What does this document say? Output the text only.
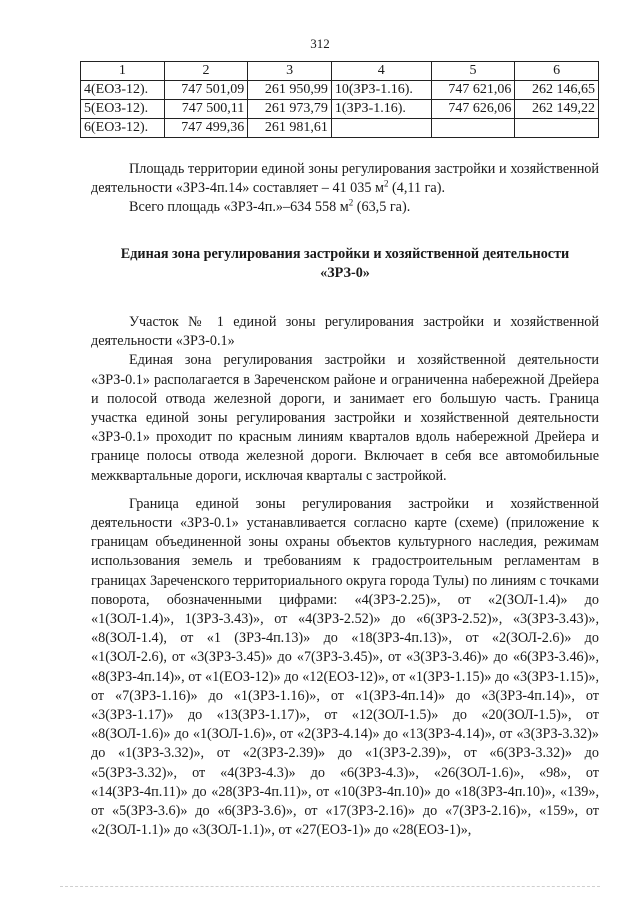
312
1	2	3	4	5	6
4(ЕОЗ-12).	747 501,09	261 950,99	10(ЗРЗ-1.16).	747 621,06	262 146,65
5(ЕОЗ-12).	747 500,11	261 973,79	1(ЗРЗ-1.16).	747 626,06	262 149,22
6(ЕОЗ-12).	747 499,36	261 981,61			

Площадь территории единой зоны регулирования застройки и хозяйственной деятельности «ЗРЗ-4п.14» составляет – 41 035 $м^2$ (4,11 га).

Всего площадь «ЗРЗ-4п.»–634 558 $м^2$ (63,5 га).

Единая зона регулирования застройки и хозяйственной деятельности
«ЗРЗ-0»

Участок № 1 единой зоны регулирования застройки и хозяйственной деятельности «ЗРЗ-0.1»

Единая зона регулирования застройки и хозяйственной деятельности «ЗРЗ-0.1» располагается в Зареченском районе и ограниченна набережной Дрейера и полосой отвода железной дороги, и занимает его большую часть. Граница участка единой зоны регулирования застройки и хозяйственной деятельности «ЗРЗ-0.1» проходит по красным линиям кварталов вдоль набережной Дрейера и границе полосы отвода железной дороги. Включает в себя все автомобильные межквартальные дороги, исключая кварталы с застройкой.

Граница единой зоны регулирования застройки и хозяйственной деятельности «ЗРЗ-0.1» устанавливается согласно карте (схеме) (приложение к границам объединенной зоны охраны объектов культурного наследия, режимам использования земель и требованиям к градостроительным регламентам в границах Зареченского территориального округа города Тулы) по линиям с точками поворота, обозначенными цифрами: «4(ЗРЗ-2.25)», от «2(ЗОЛ-1.4)» до «1(ЗОЛ-1.4)», 1(ЗРЗ-3.43)», от «4(ЗРЗ-2.52)» до «6(ЗРЗ-2.52)», «3(ЗРЗ-3.43)», «8(ЗОЛ-1.4), от «1 (ЗРЗ-4п.13)» до «18(ЗРЗ-4п.13)», от «2(ЗОЛ-2.6)» до «1(ЗОЛ-2.6), от «3(ЗРЗ-3.45)» до «7(ЗРЗ-3.45)», от «3(ЗРЗ-3.46)» до «6(ЗРЗ-3.46)», «8(ЗРЗ-4п.14)», от «1(ЕОЗ-12)» до «12(ЕОЗ-12)», от «1(ЗРЗ-1.15)» до «3(ЗРЗ-1.15)», от «7(ЗРЗ-1.16)» до «1(ЗРЗ-1.16)», от «1(ЗРЗ-4п.14)» до «3(ЗРЗ-4п.14)», от «3(ЗРЗ-1.17)» до «13(ЗРЗ-1.17)», от «12(ЗОЛ-1.5)» до «20(ЗОЛ-1.5)», от «8(ЗОЛ-1.6)» до «1(ЗОЛ-1.6)», от «2(ЗРЗ-4.14)» до «13(ЗРЗ-4.14)», от «3(ЗРЗ-3.32)» до «1(ЗРЗ-3.32)», от «2(ЗРЗ-2.39)» до «1(ЗРЗ-2.39)», от «6(ЗРЗ-3.32)» до «5(ЗРЗ-3.32)», от «4(ЗРЗ-4.3)» до «6(ЗРЗ-4.3)», «26(ЗОЛ-1.6)», «98», от «14(ЗРЗ-4п.11)» до «28(ЗРЗ-4п.11)», от «10(ЗРЗ-4п.10)» до «18(ЗРЗ-4п.10)», «139», от «5(ЗРЗ-3.6)» до «6(ЗРЗ-3.6)», от «17(ЗРЗ-2.16)» до «7(ЗРЗ-2.16)», «159», от «2(ЗОЛ-1.1)» до «3(ЗОЛ-1.1)», от «27(ЕОЗ-1)» до «28(ЕОЗ-1)»,
